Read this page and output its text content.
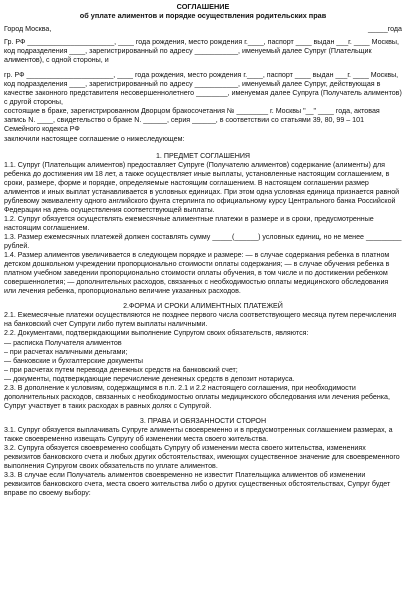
СОГЛАШЕНИЕ
об уплате алиментов и порядке осуществления родительских прав
Город Москва,	_____года

Гр. РФ ______________________, ____ года рождения, место рождения г.____, паспорт ____ выдан ___г. ____ Москвы, код подразделения ____, зарегистрированный по адресу ___________, именуемый далее Супруг (Плательщик алиментов), с одной стороны, и

гр. РФ ______________________, ____ года рождения, место рождения г.____, паспорт ____ выдан ___г. ____ Москвы, код подразделения ____, зарегистрированный по адресу ___________, именуемый далее Супруг, действующая в качестве законного представителя несовершеннолетнего ________, именуемая далее Супруга (Получатель алиментов) с другой стороны,

состоящие в браке, зарегистрированном Дворцом бракосочетания № ________ г. Москвы "__" ____ года, актовая запись N. ____, свидетельство о браке N. ______, серия ______, в соответствии со статьями 39, 80, 99 – 101 Семейного кодекса РФ

заключили настоящее соглашение о нижеследующем:

1. ПРЕДМЕТ СОГЛАШЕНИЯ

1.1. Супруг (Плательщик алиментов) предоставляет Супруге (Получателю алиментов) содержание (алименты) для ребенка до достижения им 18 лет, а также осуществляет иные выплаты, установленные настоящим соглашением, в сроки, размере, форме и порядке, определяемые настоящим соглашением. В настоящем соглашении размер алиментов и иных выплат устанавливается в условных единицах. При этом одна условная единица признается равной рублевому эквиваленту одного английского фунта стерлинга по официальному курсу Центрального банка Российской Федерации на день осуществления соответствующей выплаты.

1.2. Супруг обязуется осуществлять ежемесячные алиментные платежи в размере и в сроки, предусмотренные настоящим соглашением.

1.3. Размер ежемесячных платежей должен составлять сумму _____(______) условных единиц, но не менее _________ рублей.

1.4. Размер алиментов увеличивается в следующем порядке и размере: — в случае содержания ребенка в платном детском дошкольном учреждении пропорционально стоимости оплаты содержания; — в случае обучения ребенка в платном учебном заведении пропорционально стоимости оплаты обучения, в том числе и по достижении ребенком совершеннолетия; — дополнительных расходов, связанных с необходимостью оплаты медицинского обследования или лечения ребенка, пропорционально величине указанных расходов.

2.ФОРМА И СРОКИ АЛИМЕНТНЫХ ПЛАТЕЖЕЙ

2.1. Ежемесячные платежи осуществляются не позднее первого числа соответствующего месяца путем перечисления на банковский счет Супруги либо путем выплаты наличными.

2.2. Документами, подтверждающими выполнение Супругом своих обязательств, являются:

— расписка Получателя алиментов

– при расчетах наличными деньгами;

— банковские и бухгалтерские документы

– при расчетах путем перевода денежных средств на банковский счет;

— документы, подтверждающие перечисление денежных средств в депозит нотариуса.

2.3. В дополнение к условиям, содержащимся в п.п. 2.1 и 2.2 настоящего соглашения, при необходимости дополнительных расходов, связанных с необходимостью оплаты медицинского обследования или лечения ребенка, Супруг участвует в таких расходах в равных долях с Супругой.

3. ПРАВА И ОБЯЗАННОСТИ СТОРОН

3.1. Супруг обязуется выплачивать Супруге алименты своевременно и в предусмотренных соглашением размерах, а также своевременно извещать Супругу об изменении места своего жительства.

3.2. Супруга обязуется своевременно сообщать Супругу об изменении места своего жительства, изменениях реквизитов банковского счета и любых других обстоятельствах, имеющих существенное значение для своевременного выполнения Супругом своих обязательств по уплате алиментов.

3.3. В случае если Получатель алиментов своевременно не известит Плательщика алиментов об изменении реквизитов банковского счета, места своего жительства либо о других существенных обстоятельствах, Супруг будет вправе по своему выбору:
